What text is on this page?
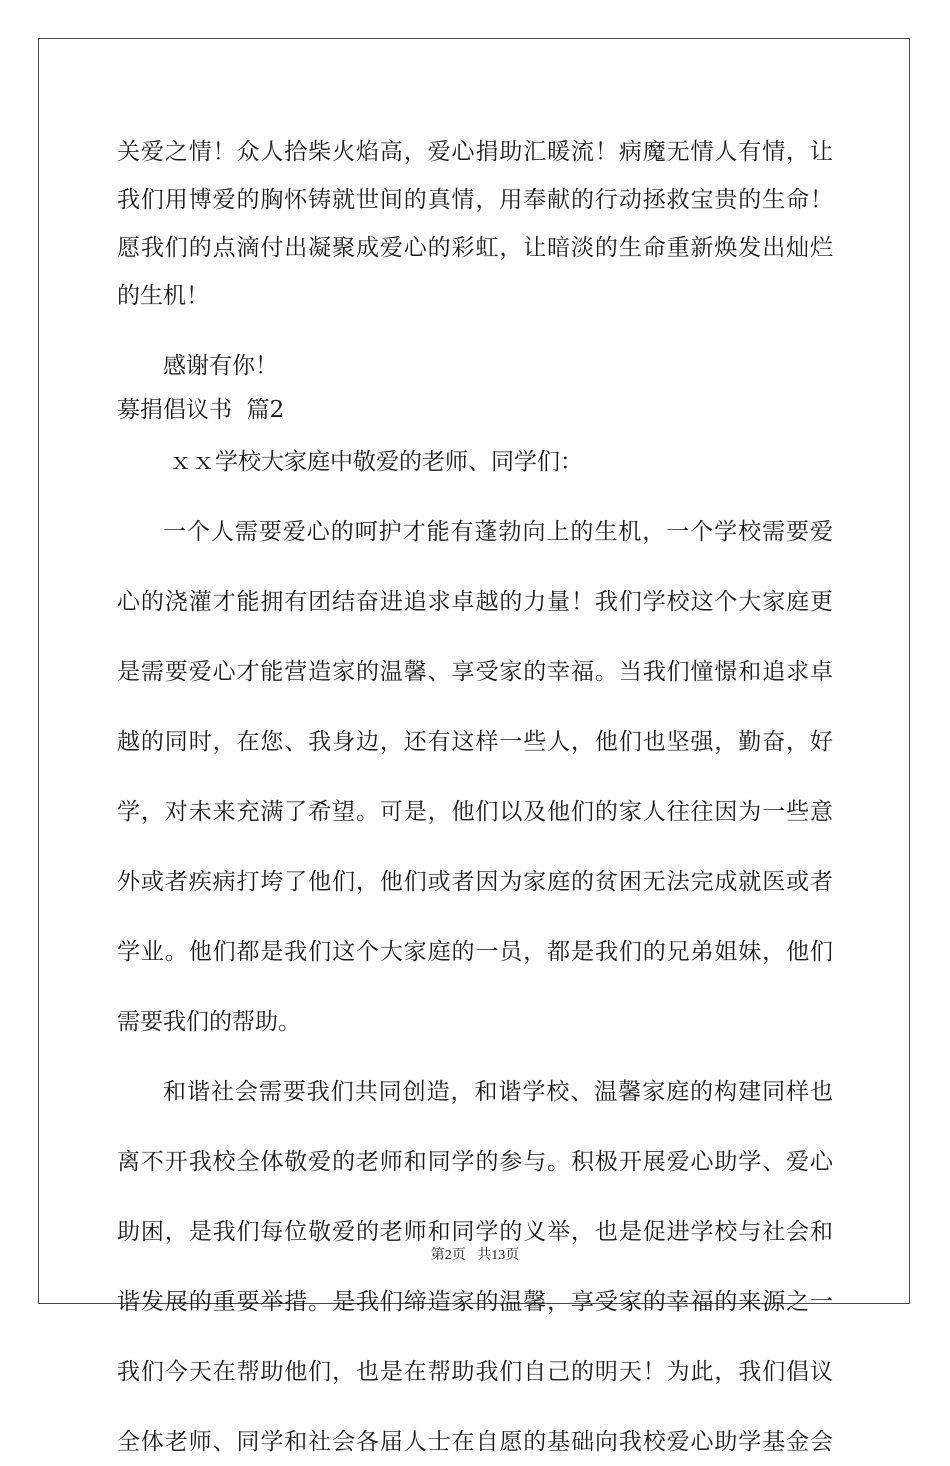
关爱之情！众人拾柴火焰高，爱心捐助汇暖流！病魔无情人有情，让
我们用博爱的胸怀铸就世间的真情，用奉献的行动拯救宝贵的生命！
愿我们的点滴付出凝聚成爱心的彩虹，让暗淡的生命重新焕发出灿烂
的生机！
感谢有你！
募捐倡议书  篇2
ｘｘ学校大家庭中敬爱的老师、同学们：
一个人需要爱心的呵护才能有蓬勃向上的生机，一个学校需要爱
心的浇灌才能拥有团结奋进追求卓越的力量！我们学校这个大家庭更
是需要爱心才能营造家的温馨、享受家的幸福。当我们憧憬和追求卓
越的同时，在您、我身边，还有这样一些人，他们也坚强，勤奋，好
学，对未来充满了希望。可是，他们以及他们的家人往往因为一些意
外或者疾病打垮了他们，他们或者因为家庭的贫困无法完成就医或者
学业。他们都是我们这个大家庭的一员，都是我们的兄弟姐妹，他们
需要我们的帮助。
和谐社会需要我们共同创造，和谐学校、温馨家庭的构建同样也
离不开我校全体敬爱的老师和同学的参与。积极开展爱心助学、爱心
助困，是我们每位敬爱的老师和同学的义举，也是促进学校与社会和
谐发展的重要举措。是我们缔造家的温馨，享受家的幸福的来源之一
我们今天在帮助他们，也是在帮助我们自己的明天！为此，我们倡议
全体老师、同学和社会各届人士在自愿的基础向我校爱心助学基金会
第2页 共13页
